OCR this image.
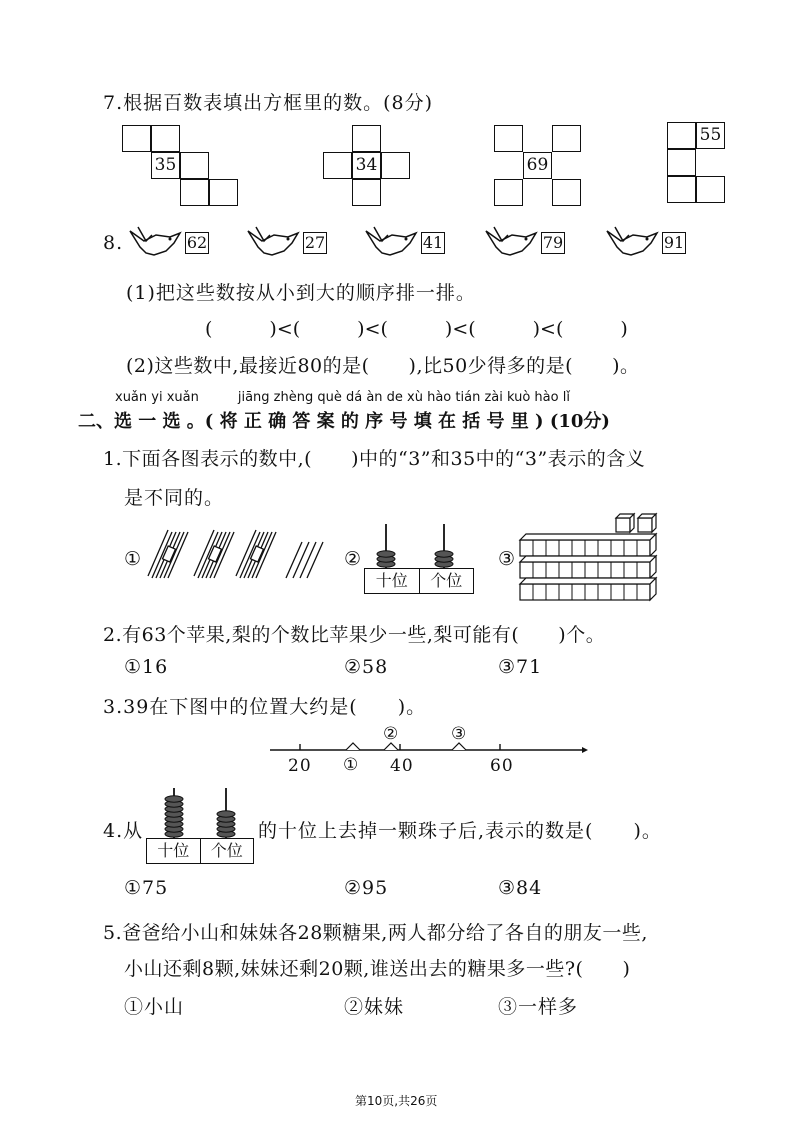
7.根据百数表填出方框里的数。(8分)
35	34	69
55
8.	62	27	41	79	91
(1)把这些数按从小到大的顺序排一排。
(　　　)<(　　　)<(　　　)<(　　　)<(　　　)
(2)这些数中,最接近80的是(　　),比50少得多的是(　　)。
xuǎn yi xuǎn　　　jiāng zhèng què dá àn de xù hào tián zài kuò hào lǐ
二、选 一 选 。( 将 正 确 答 案 的 序 号 填 在 括 号 里 ) (10分)
1.下面各图表示的数中,(　　)中的“3”和35中的“3”表示的含义
是不同的。
①	②
十位	个位
③
2.有63个苹果,梨的个数比苹果少一些,梨可能有(　　)个。
①16	②58	③71
3.39在下图中的位置大约是(　　)。
20	40	60
①
②	③
4.从
十位	个位
的十位上去掉一颗珠子后,表示的数是(　　)。
①75	②95	③84
5.爸爸给小山和妹妹各28颗糖果,两人都分给了各自的朋友一些,
小山还剩8颗,妹妹还剩20颗,谁送出去的糖果多一些?(　　)
①小山	②妹妹	③一样多
第10页,共26页
